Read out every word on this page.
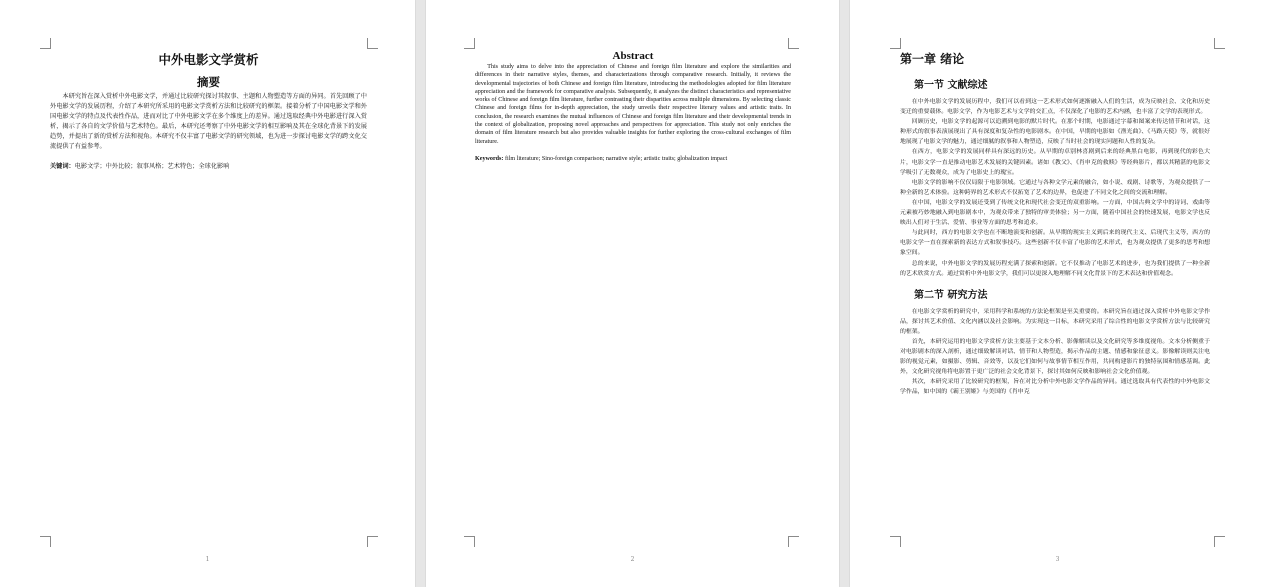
中外电影文学赏析
摘要

本研究旨在深入赏析中外电影文学，并通过比较研究探讨其叙事、主题和人物塑造等方面的异同。首先回顾了中外电影文学的发展历程，介绍了本研究所采用的电影文学赏析方法和比较研究的框架。接着分析了中国电影文学和外国电影文学的特点及代表性作品，进而对比了中外电影文学在多个维度上的差异。通过选取经典中外电影进行深入赏析，揭示了各自的文学价值与艺术特色。最后，本研究还考察了中外电影文学的相互影响及其在全球化背景下的发展趋势，并提出了新的赏析方法和视角。本研究不仅丰富了电影文学的研究领域，也为进一步探讨电影文学的跨文化交流提供了有益参考。

关键词：电影文学；中外比较；叙事风格；艺术特色；全球化影响

1
Abstract

This study aims to delve into the appreciation of Chinese and foreign film literature and explore the similarities and differences in their narrative styles, themes, and characterizations through comparative research. Initially, it reviews the developmental trajectories of both Chinese and foreign film literature, introducing the methodologies adopted for film literature appreciation and the framework for comparative analysis. Subsequently, it analyzes the distinct characteristics and representative works of Chinese and foreign film literature, further contrasting their disparities across multiple dimensions. By selecting classic Chinese and foreign films for in-depth appreciation, the study unveils their respective literary values and artistic traits. In conclusion, the research examines the mutual influences of Chinese and foreign film literature and their developmental trends in the context of globalization, proposing novel approaches and perspectives for appreciation. This study not only enriches the domain of film literature research but also provides valuable insights for further exploring the cross-cultural exchanges of film literature.

Keywords: film literature; Sino-foreign comparison; narrative style; artistic traits; globalization impact

2
第一章 绪论
第一节 文献综述

在中外电影文学的发展历程中，我们可以看到这一艺术形式如何逐渐融入人们的生活，成为反映社会、文化和历史变迁的重要载体。电影文学，作为电影艺术与文学的交汇点，不仅深化了电影的艺术内涵，也丰富了文学的表现形式。

回顾历史，电影文学的起源可以追溯到电影的默片时代。在那个时期，电影通过字幕和图案来传达情节和对话，这种形式的叙事表演展现出了具有深度和复杂性的电影剧本。在中国，早期的电影如《渔光曲》、《马路天使》等，就很好地展现了电影文学的魅力，通过细腻的叙事和人物塑造，反映了当时社会的现实问题和人性的复杂。

在西方，电影文学的发展同样具有深远的历史。从早期的卓别林喜剧到后来的经典黑白电影，再到现代的彩色大片，电影文学一直是推动电影艺术发展的关键因素。诸如《教父》、《肖申克的救赎》等经典影片，都以其精湛的电影文学吸引了无数观众，成为了电影史上的瑰宝。

电影文学的影响不仅仅局限于电影领域。它通过与各种文学元素的融合，如小说、戏剧、诗歌等，为观众提供了一种全新的艺术体验。这种跨界的艺术形式不仅拓宽了艺术的边界，也促进了不同文化之间的交流和理解。

在中国，电影文学的发展还受到了传统文化和现代社会变迁的双重影响。一方面，中国古典文学中的诗词、戏曲等元素被巧妙地融入到电影剧本中，为观众带来了独特的审美体验；另一方面，随着中国社会的快速发展，电影文学也反映出人们对于生活、爱情、事业等方面的思考和追求。

与此同时，西方的电影文学也在不断地演变和创新。从早期的现实主义到后来的现代主义、后现代主义等，西方的电影文学一直在探索新的表达方式和叙事技巧。这些创新不仅丰富了电影的艺术形式，也为观众提供了更多的思考和想象空间。

总的来说，中外电影文学的发展历程充满了探索和创新。它不仅推动了电影艺术的进步，也为我们提供了一种全新的艺术欣赏方式。通过赏析中外电影文学，我们可以更深入地理解不同文化背景下的艺术表达和价值观念。

第二节 研究方法

在电影文学赏析的研究中，采用科学和系统的方法论框架是至关重要的。本研究旨在通过深入赏析中外电影文学作品，探讨其艺术价值、文化内涵以及社会影响。为实现这一目标，本研究采用了综合性的电影文学赏析方法与比较研究的框架。

首先，本研究运用的电影文学赏析方法主要基于文本分析、影像解读以及文化研究等多维度视角。文本分析侧重于对电影剧本的深入剖析，通过细致解读对话、情节和人物塑造，揭示作品的主题、情感和象征意义。影像解读则关注电影的视觉元素，如摄影、剪辑、音效等，以及它们如何与故事情节相互作用，共同构建影片的独特氛围和情感基调。此外，文化研究视角将电影置于更广泛的社会文化背景下，探讨其如何反映和影响社会文化价值观。

其次，本研究采用了比较研究的框架，旨在对比分析中外电影文学作品的异同。通过选取具有代表性的中外电影文学作品，如中国的《霸王别姬》与美国的《肖申克

3
